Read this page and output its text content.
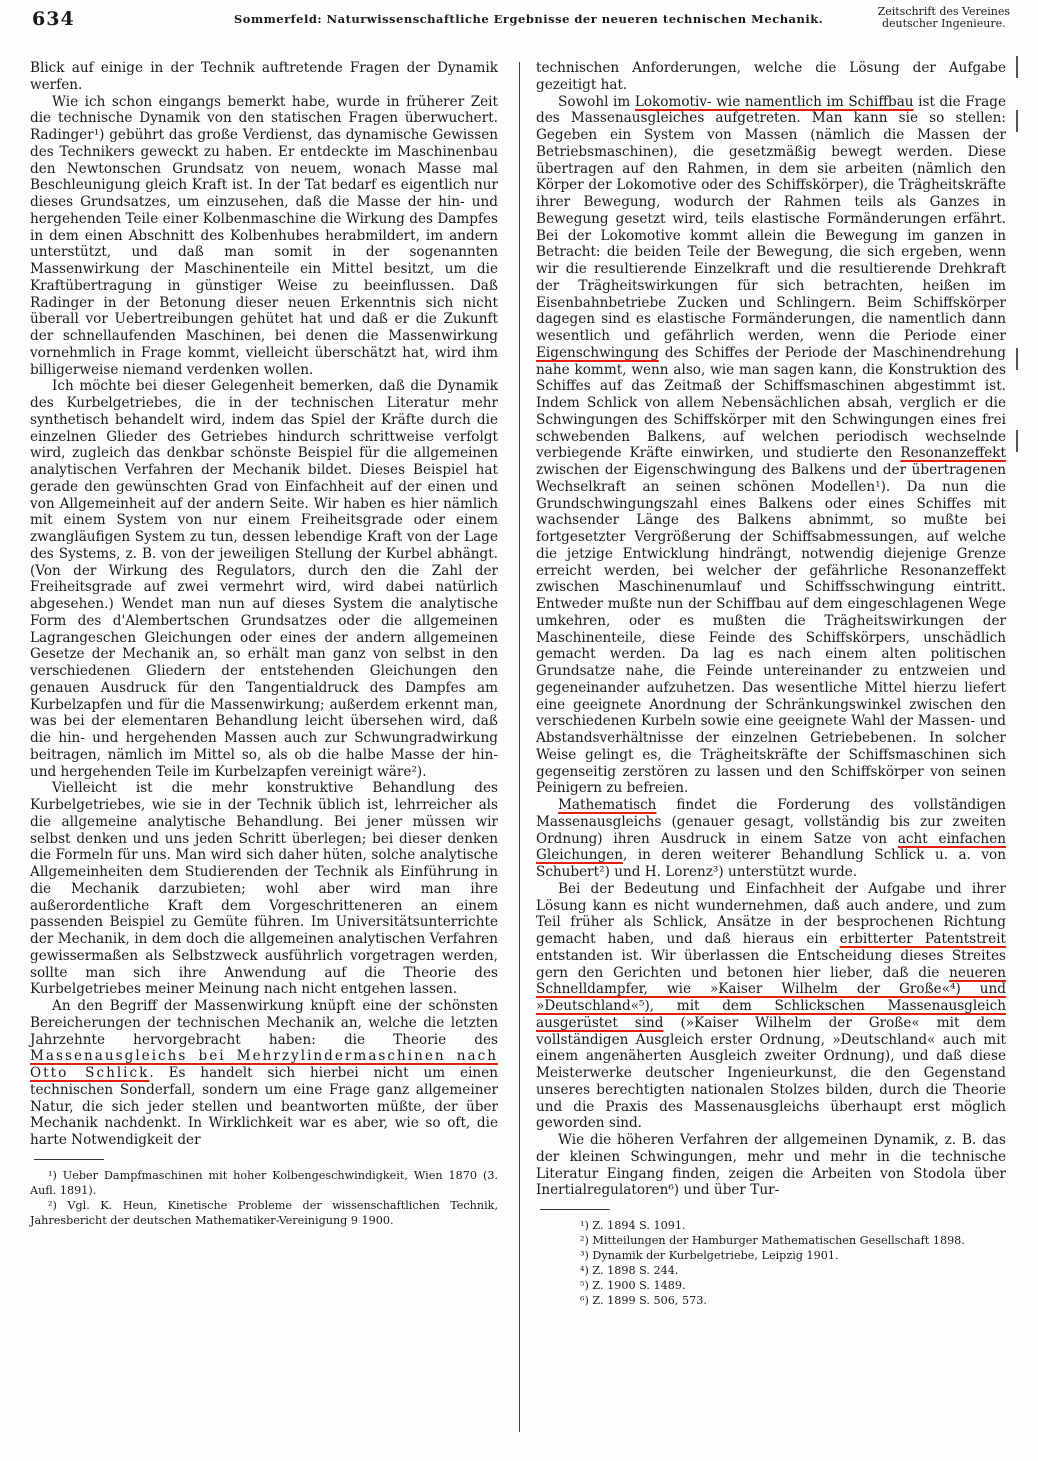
634	Sommerfeld: Naturwissenschaftliche Ergebnisse der neueren technischen Mechanik.
Zeitschrift des Vereines
deutscher Ingenieure.

Blick auf einige in der Technik auftretende Fragen der Dynamik werfen.

Wie ich schon eingangs bemerkt habe, wurde in früherer Zeit die technische Dynamik von den statischen Fragen überwuchert. Radinger¹) gebührt das große Verdienst, das dynamische Gewissen des Technikers geweckt zu haben. Er entdeckte im Maschinenbau den Newtonschen Grundsatz von neuem, wonach Masse mal Beschleunigung gleich Kraft ist. In der Tat bedarf es eigentlich nur dieses Grundsatzes, um einzusehen, daß die Masse der hin- und hergehenden Teile einer Kolbenmaschine die Wirkung des Dampfes in dem einen Abschnitt des Kolbenhubes herabmildert, im andern unterstützt, und daß man somit in der sogenannten Massenwirkung der Maschinenteile ein Mittel besitzt, um die Kraftübertragung in günstiger Weise zu beeinflussen. Daß Radinger in der Betonung dieser neuen Erkenntnis sich nicht überall vor Uebertreibungen gehütet hat und daß er die Zukunft der schnellaufenden Maschinen, bei denen die Massenwirkung vornehmlich in Frage kommt, vielleicht überschätzt hat, wird ihm billigerweise niemand verdenken wollen.

Ich möchte bei dieser Gelegenheit bemerken, daß die Dynamik des Kurbelgetriebes, die in der technischen Literatur mehr synthetisch behandelt wird, indem das Spiel der Kräfte durch die einzelnen Glieder des Getriebes hindurch schrittweise verfolgt wird, zugleich das denkbar schönste Beispiel für die allgemeinen analytischen Verfahren der Mechanik bildet. Dieses Beispiel hat gerade den gewünschten Grad von Einfachheit auf der einen und von Allgemeinheit auf der andern Seite. Wir haben es hier nämlich mit einem System von nur einem Freiheitsgrade oder einem zwangläufigen System zu tun, dessen lebendige Kraft von der Lage des Systems, z. B. von der jeweiligen Stellung der Kurbel abhängt. (Von der Wirkung des Regulators, durch den die Zahl der Freiheitsgrade auf zwei vermehrt wird, wird dabei natürlich abgesehen.) Wendet man nun auf dieses System die analytische Form des d'Alembertschen Grundsatzes oder die allgemeinen Lagrangeschen Gleichungen oder eines der andern allgemeinen Gesetze der Mechanik an, so erhält man ganz von selbst in den verschiedenen Gliedern der entstehenden Gleichungen den genauen Ausdruck für den Tangentialdruck des Dampfes am Kurbelzapfen und für die Massenwirkung; außerdem erkennt man, was bei der elementaren Behandlung leicht übersehen wird, daß die hin- und hergehenden Massen auch zur Schwungradwirkung beitragen, nämlich im Mittel so, als ob die halbe Masse der hin- und hergehenden Teile im Kurbelzapfen vereinigt wäre²).

Vielleicht ist die mehr konstruktive Behandlung des Kurbelgetriebes, wie sie in der Technik üblich ist, lehrreicher als die allgemeine analytische Behandlung. Bei jener müssen wir selbst denken und uns jeden Schritt überlegen; bei dieser denken die Formeln für uns. Man wird sich daher hüten, solche analytische Allgemeinheiten dem Studierenden der Technik als Einführung in die Mechanik darzubieten; wohl aber wird man ihre außerordentliche Kraft dem Vorgeschritteneren an einem passenden Beispiel zu Gemüte führen. Im Universitätsunterrichte der Mechanik, in dem doch die allgemeinen analytischen Verfahren gewissermaßen als Selbstzweck ausführlich vorgetragen werden, sollte man sich ihre Anwendung auf die Theorie des Kurbelgetriebes meiner Meinung nach nicht entgehen lassen.

An den Begriff der Massenwirkung knüpft eine der schönsten Bereicherungen der technischen Mechanik an, welche die letzten Jahrzehnte hervorgebracht haben: die Theorie des Massenausgleichs bei Mehrzylindermaschinen nach Otto Schlick. Es handelt sich hierbei nicht um einen technischen Sonderfall, sondern um eine Frage ganz allgemeiner Natur, die sich jeder stellen und beantworten müßte, der über Mechanik nachdenkt. In Wirklichkeit war es aber, wie so oft, die harte Notwendigkeit der

¹) Ueber Dampfmaschinen mit hoher Kolbengeschwindigkeit, Wien 1870 (3. Aufl. 1891).
²) Vgl. K. Heun, Kinetische Probleme der wissenschaftlichen Technik, Jahresbericht der deutschen Mathematiker-Vereinigung 9 1900.

technischen Anforderungen, welche die Lösung der Aufgabe gezeitigt hat.

Sowohl im Lokomotiv- wie namentlich im Schiffbau ist die Frage des Massenausgleiches aufgetreten. Man kann sie so stellen: Gegeben ein System von Massen (nämlich die Massen der Betriebsmaschinen), die gesetzmäßig bewegt werden. Diese übertragen auf den Rahmen, in dem sie arbeiten (nämlich den Körper der Lokomotive oder des Schiffskörper), die Trägheitskräfte ihrer Bewegung, wodurch der Rahmen teils als Ganzes in Bewegung gesetzt wird, teils elastische Formänderungen erfährt. Bei der Lokomotive kommt allein die Bewegung im ganzen in Betracht: die beiden Teile der Bewegung, die sich ergeben, wenn wir die resultierende Einzelkraft und die resultierende Drehkraft der Trägheitswirkungen für sich betrachten, heißen im Eisenbahnbetriebe Zucken und Schlingern. Beim Schiffskörper dagegen sind es elastische Formänderungen, die namentlich dann wesentlich und gefährlich werden, wenn die Periode einer Eigenschwingung des Schiffes der Periode der Maschinendrehung nahe kommt, wenn also, wie man sagen kann, die Konstruktion des Schiffes auf das Zeitmaß der Schiffsmaschinen abgestimmt ist. Indem Schlick von allem Nebensächlichen absah, verglich er die Schwingungen des Schiffskörper mit den Schwingungen eines frei schwebenden Balkens, auf welchen periodisch wechselnde verbiegende Kräfte einwirken, und studierte den Resonanzeffekt zwischen der Eigenschwingung des Balkens und der übertragenen Wechselkraft an seinen schönen Modellen¹). Da nun die Grundschwingungszahl eines Balkens oder eines Schiffes mit wachsender Länge des Balkens abnimmt, so mußte bei fortgesetzter Vergrößerung der Schiffsabmessungen, auf welche die jetzige Entwicklung hindrängt, notwendig diejenige Grenze erreicht werden, bei welcher der gefährliche Resonanzeffekt zwischen Maschinenumlauf und Schiffsschwingung eintritt. Entweder mußte nun der Schiffbau auf dem eingeschlagenen Wege umkehren, oder es mußten die Trägheitswirkungen der Maschinenteile, diese Feinde des Schiffskörpers, unschädlich gemacht werden. Da lag es nach einem alten politischen Grundsatze nahe, die Feinde untereinander zu entzweien und gegeneinander aufzuhetzen. Das wesentliche Mittel hierzu liefert eine geeignete Anordnung der Schränkungswinkel zwischen den verschiedenen Kurbeln sowie eine geeignete Wahl der Massen- und Abstandsverhältnisse der einzelnen Getriebebenen. In solcher Weise gelingt es, die Trägheitskräfte der Schiffsmaschinen sich gegenseitig zerstören zu lassen und den Schiffskörper von seinen Peinigern zu befreien.

Mathematisch findet die Forderung des vollständigen Massenausgleichs (genauer gesagt, vollständig bis zur zweiten Ordnung) ihren Ausdruck in einem Satze von acht einfachen Gleichungen, in deren weiterer Behandlung Schlick u. a. von Schubert²) und H. Lorenz³) unterstützt wurde.

Bei der Bedeutung und Einfachheit der Aufgabe und ihrer Lösung kann es nicht wundernehmen, daß auch andere, und zum Teil früher als Schlick, Ansätze in der besprochenen Richtung gemacht haben, und daß hieraus ein erbitterter Patentstreit entstanden ist. Wir überlassen die Entscheidung dieses Streites gern den Gerichten und betonen hier lieber, daß die neueren Schnelldampfer, wie »Kaiser Wilhelm der Große«⁴) und »Deutschland«⁵), mit dem Schlickschen Massenausgleich ausgerüstet sind (»Kaiser Wilhelm der Große« mit dem vollständigen Ausgleich erster Ordnung, »Deutschland« auch mit einem angenäherten Ausgleich zweiter Ordnung), und daß diese Meisterwerke deutscher Ingenieurkunst, die den Gegenstand unseres berechtigten nationalen Stolzes bilden, durch die Theorie und die Praxis des Massenausgleichs überhaupt erst möglich geworden sind.

Wie die höheren Verfahren der allgemeinen Dynamik, z. B. das der kleinen Schwingungen, mehr und mehr in die technische Literatur Eingang finden, zeigen die Arbeiten von Stodola über Inertialregulatoren⁶) und über Tur-

¹) Z. 1894 S. 1091.
²) Mitteilungen der Hamburger Mathematischen Gesellschaft 1898.
³) Dynamik der Kurbelgetriebe, Leipzig 1901.
⁴) Z. 1898 S. 244.
⁵) Z. 1900 S. 1489.
⁶) Z. 1899 S. 506, 573.
